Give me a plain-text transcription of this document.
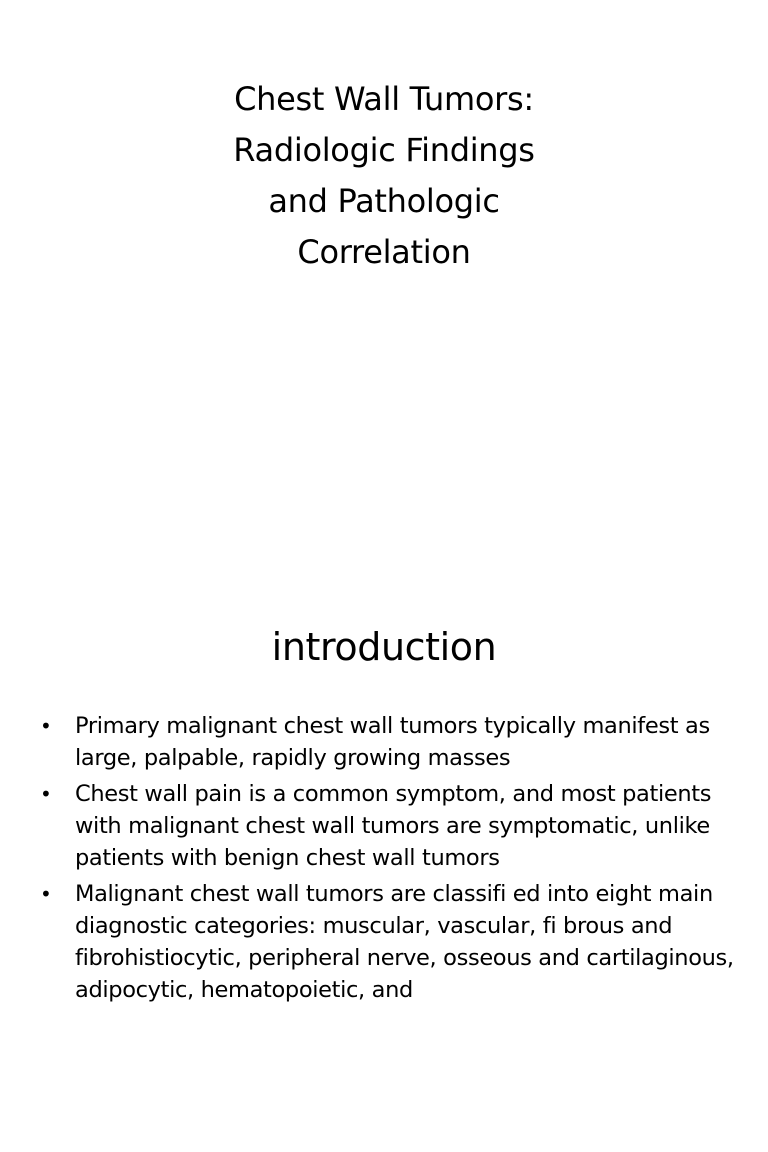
Chest Wall Tumors:
Radiologic Findings
and Pathologic
Correlation
introduction
•	Primary malignant chest wall tumors typically manifest as large, palpable, rapidly growing masses
•	Chest wall pain is a common symptom, and most patients with malignant chest wall tumors are symptomatic, unlike patients with benign chest wall tumors
•	Malignant chest wall tumors are classifi ed into eight main diagnostic categories: muscular, vascular, fi brous and fibrohistiocytic, peripheral nerve, osseous and cartilaginous, adipocytic, hematopoietic, and
